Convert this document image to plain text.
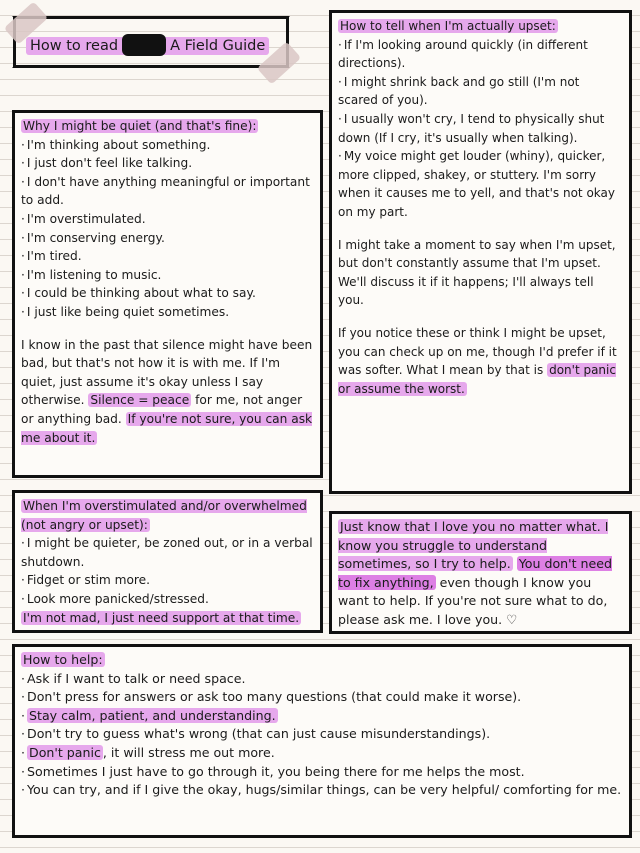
How to read	A Field Guide

Why I might be quiet (and that's fine):

· I'm thinking about something.

· I just don't feel like talking.

· I don't have anything meaningful or important to add.

· I'm overstimulated.

· I'm conserving energy.

· I'm tired.

· I'm listening to music.

· I could be thinking about what to say.

· I just like being quiet sometimes.

I know in the past that silence might have been bad, but that's not how it is with me. If I'm quiet, just assume it's okay unless I say otherwise. Silence = peace for me, not anger or anything bad. If you're not sure, you can ask me about it.

How to tell when I'm actually upset:

· If I'm looking around quickly (in different directions).

· I might shrink back and go still (I'm not scared of you).

· I usually won't cry, I tend to physically shut down (If I cry, it's usually when talking).

· My voice might get louder (whiny), quicker, more clipped, shakey, or stuttery. I'm sorry when it causes me to yell, and that's not okay on my part.

I might take a moment to say when I'm upset, but don't constantly assume that I'm upset. We'll discuss it if it happens; I'll always tell you.

If you notice these or think I might be upset, you can check up on me, though I'd prefer if it was softer. What I mean by that is don't panic or assume the worst.

When I'm overstimulated and/or overwhelmed (not angry or upset):

· I might be quieter, be zoned out, or in a verbal shutdown.

· Fidget or stim more.

· Look more panicked/stressed.

I'm not mad, I just need support at that time.

Just know that I love you no matter what. I know you struggle to understand sometimes, so I try to help. You don't need to fix anything, even though I know you want to help. If you're not sure what to do, please ask me. I love you. ♡

How to help:

· Ask if I want to talk or need space.

· Don't press for answers or ask too many questions (that could make it worse).

· Stay calm, patient, and understanding.

· Don't try to guess what's wrong (that can just cause misunderstandings).

· Don't panic , it will stress me out more.

· Sometimes I just have to go through it, you being there for me helps the most.

· You can try, and if I give the okay, hugs/similar things, can be very helpful/ comforting for me.
